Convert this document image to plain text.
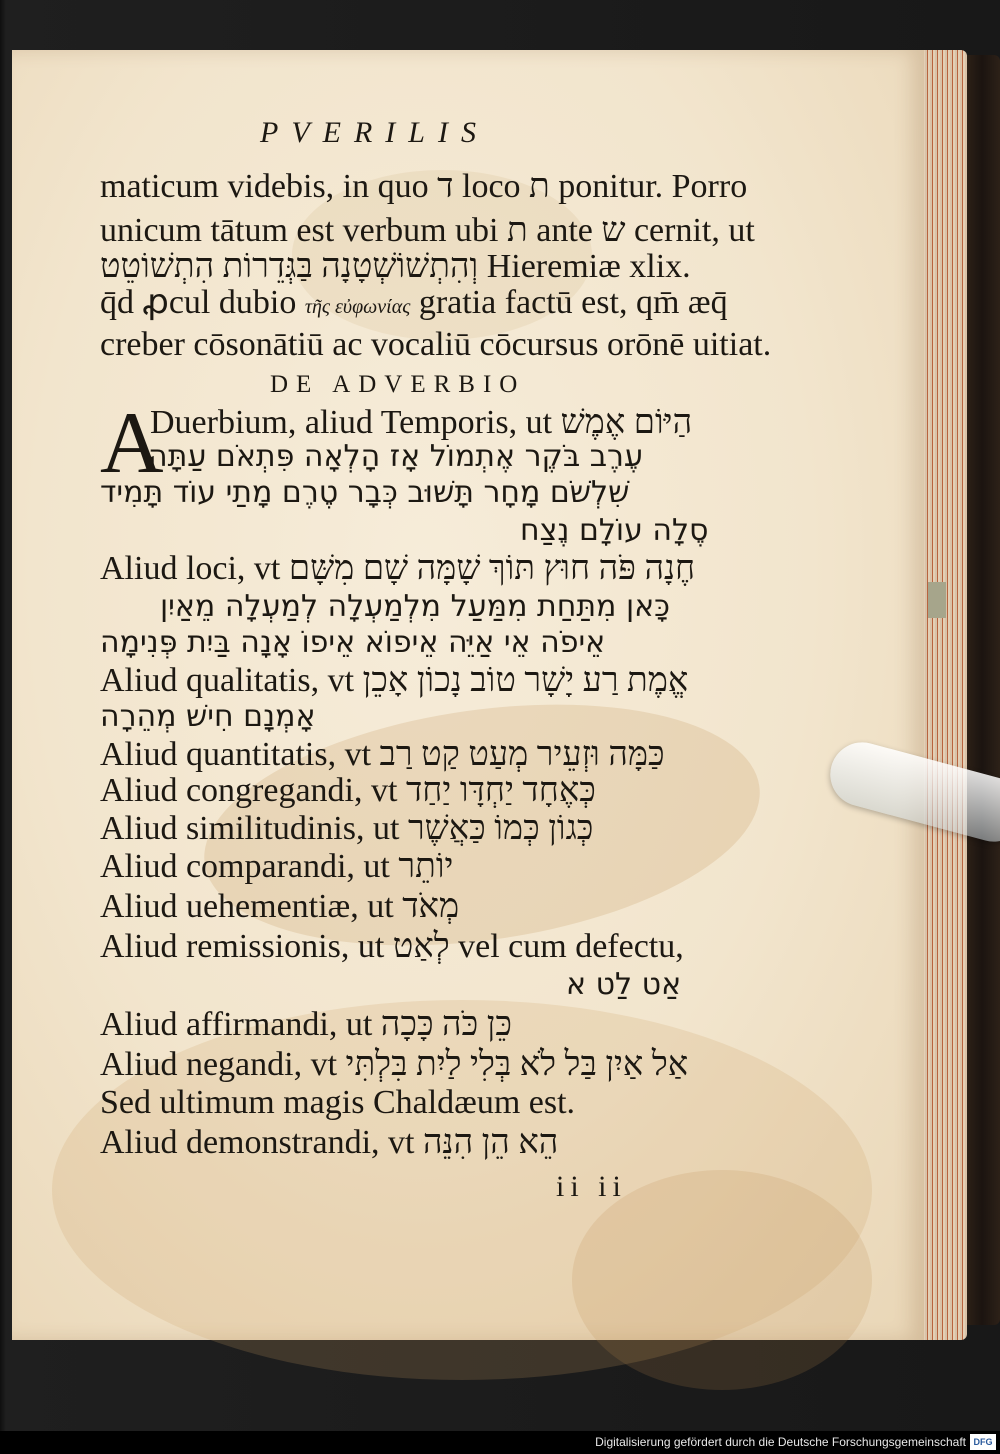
PVERILIS
maticum videbis, in quo ד loco ת ponitur. Porro
unicum tātum est verbum ubi ת ante ש cernit, ut
וְהִתְשׁוֹשְׁטָנָה בַּגְּדֵרוֹת הִתְשׁוֹטֵט Hieremiæ xlix.
q̄d ꝓcul dubio τῆς εὐφωνίας gratia factū est, qm̄ æq̄
creber cōsonātiū ac vocaliū cōcursus orōnē uitiat.
DE ADVERBIO
A
Duerbium, aliud Temporis, ut הַיּוֹם אֶמֶשׁ
עֶרֶב בֹּקֶר אֶתְמוֹל אָז הָלְאָה פִּתְאֹם עַתָּה
שִׁלְשֹׁם מָחָר תָּשׁוּב כְּבָר טֶרֶם מָתַי עוֹד תָּמִיד
סֶלָה עוֹלָם נֶצַח
Aliud loci, vt חֶנָה פֹּה חוּץ תּוֹךְ שָׁמָּה שָׁם מִשָּׁם
כָּאן מִתַּחַת מִמַּעַל מִלְמַעְלָה לְמַעְלָה מֵאַיִן
אֵיפֹה אֵי אַיֵּה אֵיפוֹא אֵיפוֹ אָנָה בַּיִת פְּנִימָה
Aliud qualitatis, vt אֱמֶת רַע יָשָׁר טוֹב נָכוֹן אָכֵן
אָמְנָם חִישׁ מְהֵרָה
Aliud quantitatis, vt כַּמָּה וּזְעֵיר מְעַט קַט רַב
Aliud congregandi, vt כְּאֶחָד יַחְדָּו יַחַד
Aliud similitudinis, ut כְּגוֹן כְּמוֹ כַּאֲשֶׁר
Aliud comparandi, ut יוֹתֵר
Aliud uehementiæ, ut מְאֹד
Aliud remissionis, ut לְאַט vel cum defectu,
אַט לַט א
Aliud affirmandi, ut כֵּן כֹּה כָּכָה
Aliud negandi, vt אַל אַיִן בַּל לֹא בְּלִי לַיִת בִּלְתִּי
Sed ultimum magis Chaldæum est.
Aliud demonstrandi, vt הֵא הֵן הִנֵּה
ii ii
Digitalisierung gefördert durch die Deutsche Forschungsgemeinschaft DFG
